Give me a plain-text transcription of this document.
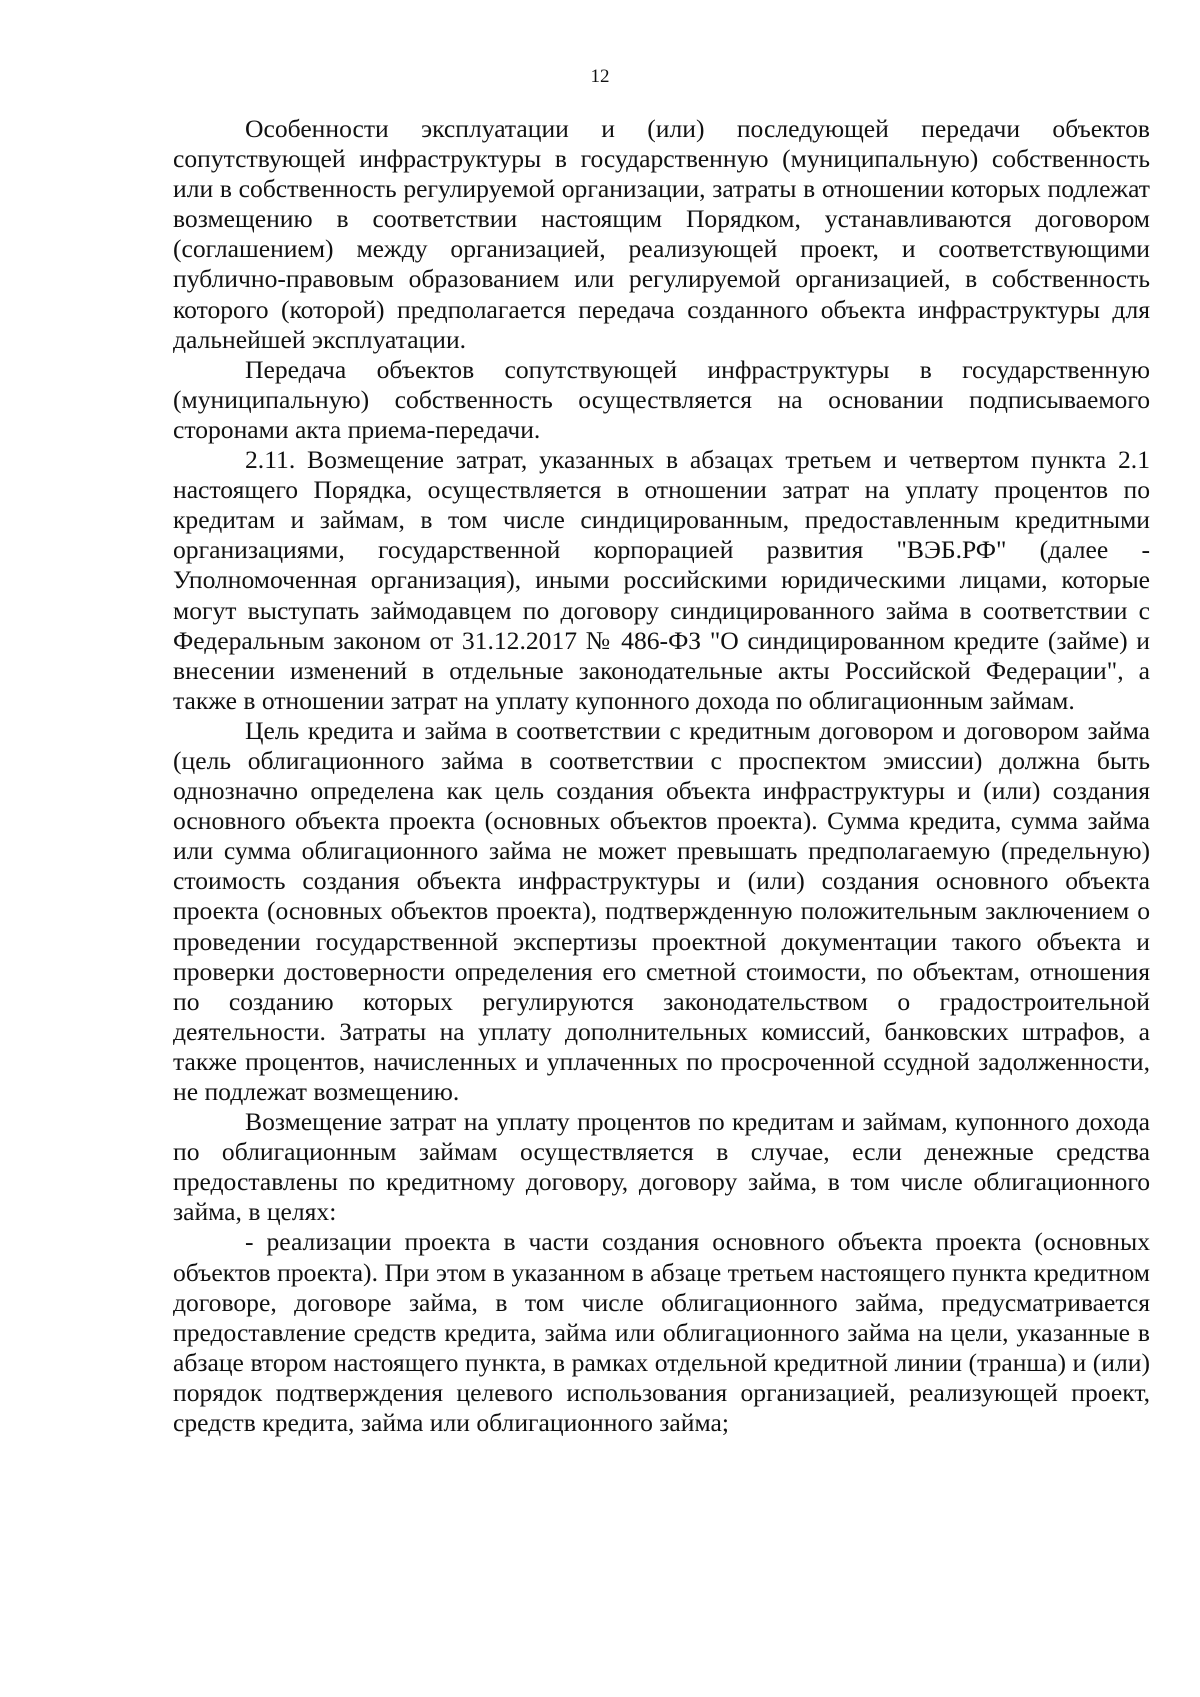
12

Особенности эксплуатации и (или) последующей передачи объектов сопутствующей инфраструктуры в государственную (муниципальную) собственность или в собственность регулируемой организации, затраты в отношении которых подлежат возмещению в соответствии настоящим Порядком, устанавливаются договором (соглашением) между организацией, реализующей проект, и соответствующими публично-правовым образованием или регулируемой организацией, в собственность которого (которой) предполагается передача созданного объекта инфраструктуры для дальнейшей эксплуатации.

Передача объектов сопутствующей инфраструктуры в государственную (муниципальную) собственность осуществляется на основании подписываемого сторонами акта приема-передачи.

2.11. Возмещение затрат, указанных в абзацах третьем и четвертом пункта 2.1 настоящего Порядка, осуществляется в отношении затрат на уплату процентов по кредитам и займам, в том числе синдицированным, предоставленным кредитными организациями, государственной корпорацией развития "ВЭБ.РФ" (далее - Уполномоченная организация), иными российскими юридическими лицами, которые могут выступать займодавцем по договору синдицированного займа в соответствии с Федеральным законом от 31.12.2017 № 486-ФЗ "О синдицированном кредите (займе) и внесении изменений в отдельные законодательные акты Российской Федерации", а также в отношении затрат на уплату купонного дохода по облигационным займам.

Цель кредита и займа в соответствии с кредитным договором и договором займа (цель облигационного займа в соответствии с проспектом эмиссии) должна быть однозначно определена как цель создания объекта инфраструктуры и (или) создания основного объекта проекта (основных объектов проекта). Сумма кредита, сумма займа или сумма облигационного займа не может превышать предполагаемую (предельную) стоимость создания объекта инфраструктуры и (или) создания основного объекта проекта (основных объектов проекта), подтвержденную положительным заключением о проведении государственной экспертизы проектной документации такого объекта и проверки достоверности определения его сметной стоимости, по объектам, отношения по созданию которых регулируются законодательством о градостроительной деятельности. Затраты на уплату дополнительных комиссий, банковских штрафов, а также процентов, начисленных и уплаченных по просроченной ссудной задолженности, не подлежат возмещению.

Возмещение затрат на уплату процентов по кредитам и займам, купонного дохода по облигационным займам осуществляется в случае, если денежные средства предоставлены по кредитному договору, договору займа, в том числе облигационного займа, в целях:

- реализации проекта в части создания основного объекта проекта (основных объектов проекта). При этом в указанном в абзаце третьем настоящего пункта кредитном договоре, договоре займа, в том числе облигационного займа, предусматривается предоставление средств кредита, займа или облигационного займа на цели, указанные в абзаце втором настоящего пункта, в рамках отдельной кредитной линии (транша) и (или) порядок подтверждения целевого использования организацией, реализующей проект, средств кредита, займа или облигационного займа;
